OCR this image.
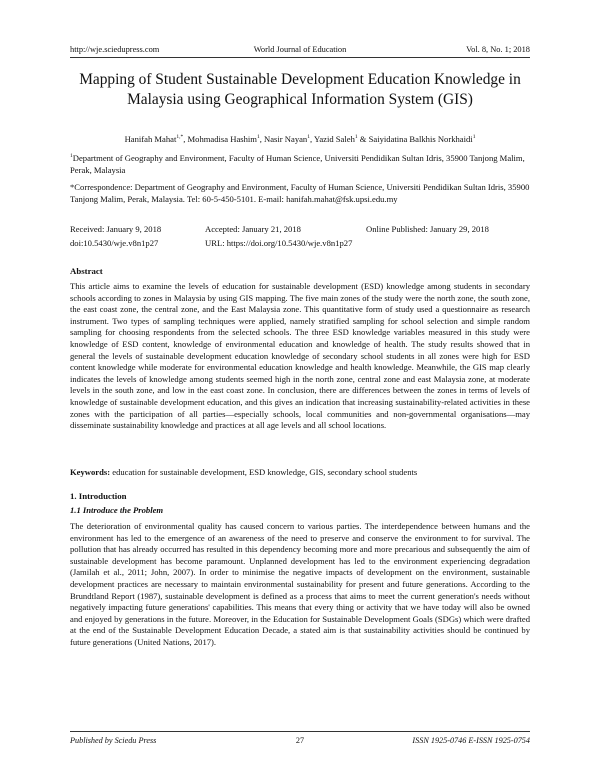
http://wje.sciedupress.com	World Journal of Education	Vol. 8, No. 1; 2018
Mapping of Student Sustainable Development Education Knowledge in Malaysia using Geographical Information System (GIS)
Hanifah Mahat$^{1,*}$, Mohmadisa Hashim$^1$, Nasir Nayan$^1$, Yazid Saleh$^1$ & Saiyidatina Balkhis Norkhaidi$^1$
$^1$Department of Geography and Environment, Faculty of Human Science, Universiti Pendidikan Sultan Idris, 35900 Tanjong Malim, Perak, Malaysia
*Correspondence: Department of Geography and Environment, Faculty of Human Science, Universiti Pendidikan Sultan Idris, 35900 Tanjong Malim, Perak, Malaysia. Tel: 60-5-450-5101. E-mail: hanifah.mahat@fsk.upsi.edu.my
Received: January 9, 2018	Accepted: January 21, 2018	Online Published: January 29, 2018
doi:10.5430/wje.v8n1p27	URL: https://doi.org/10.5430/wje.v8n1p27
Abstract

This article aims to examine the levels of education for sustainable development (ESD) knowledge among students in secondary schools according to zones in Malaysia by using GIS mapping. The five main zones of the study were the north zone, the south zone, the east coast zone, the central zone, and the East Malaysia zone. This quantitative form of study used a questionnaire as research instrument. Two types of sampling techniques were applied, namely stratified sampling for school selection and simple random sampling for choosing respondents from the selected schools. The three ESD knowledge variables measured in this study were knowledge of ESD content, knowledge of environmental education and knowledge of health. The study results showed that in general the levels of sustainable development education knowledge of secondary school students in all zones were high for ESD content knowledge while moderate for environmental education knowledge and health knowledge. Meanwhile, the GIS map clearly indicates the levels of knowledge among students seemed high in the north zone, central zone and east Malaysia zone, at moderate levels in the south zone, and low in the east coast zone. In conclusion, there are differences between the zones in terms of levels of knowledge of sustainable development education, and this gives an indication that increasing sustainability-related activities in these zones with the participation of all parties—especially schools, local communities and non-governmental organisations—may disseminate sustainability knowledge and practices at all age levels and all school locations.

Keywords: education for sustainable development, ESD knowledge, GIS, secondary school students
1. Introduction
1.1 Introduce the Problem

The deterioration of environmental quality has caused concern to various parties. The interdependence between humans and the environment has led to the emergence of an awareness of the need to preserve and conserve the environment to for survival. The pollution that has already occurred has resulted in this dependency becoming more and more precarious and subsequently the aim of sustainable development has become paramount. Unplanned development has led to the environment experiencing degradation (Jamilah et al., 2011; John, 2007). In order to minimise the negative impacts of development on the environment, sustainable development practices are necessary to maintain environmental sustainability for present and future generations. According to the Brundtland Report (1987), sustainable development is defined as a process that aims to meet the current generation's needs without negatively impacting future generations' capabilities. This means that every thing or activity that we have today will also be owned and enjoyed by generations in the future. Moreover, in the Education for Sustainable Development Goals (SDGs) which were drafted at the end of the Sustainable Development Education Decade, a stated aim is that sustainability activities should be continued by future generations (United Nations, 2017).

Published by Sciedu Press	27	ISSN 1925-0746 E-ISSN 1925-0754
